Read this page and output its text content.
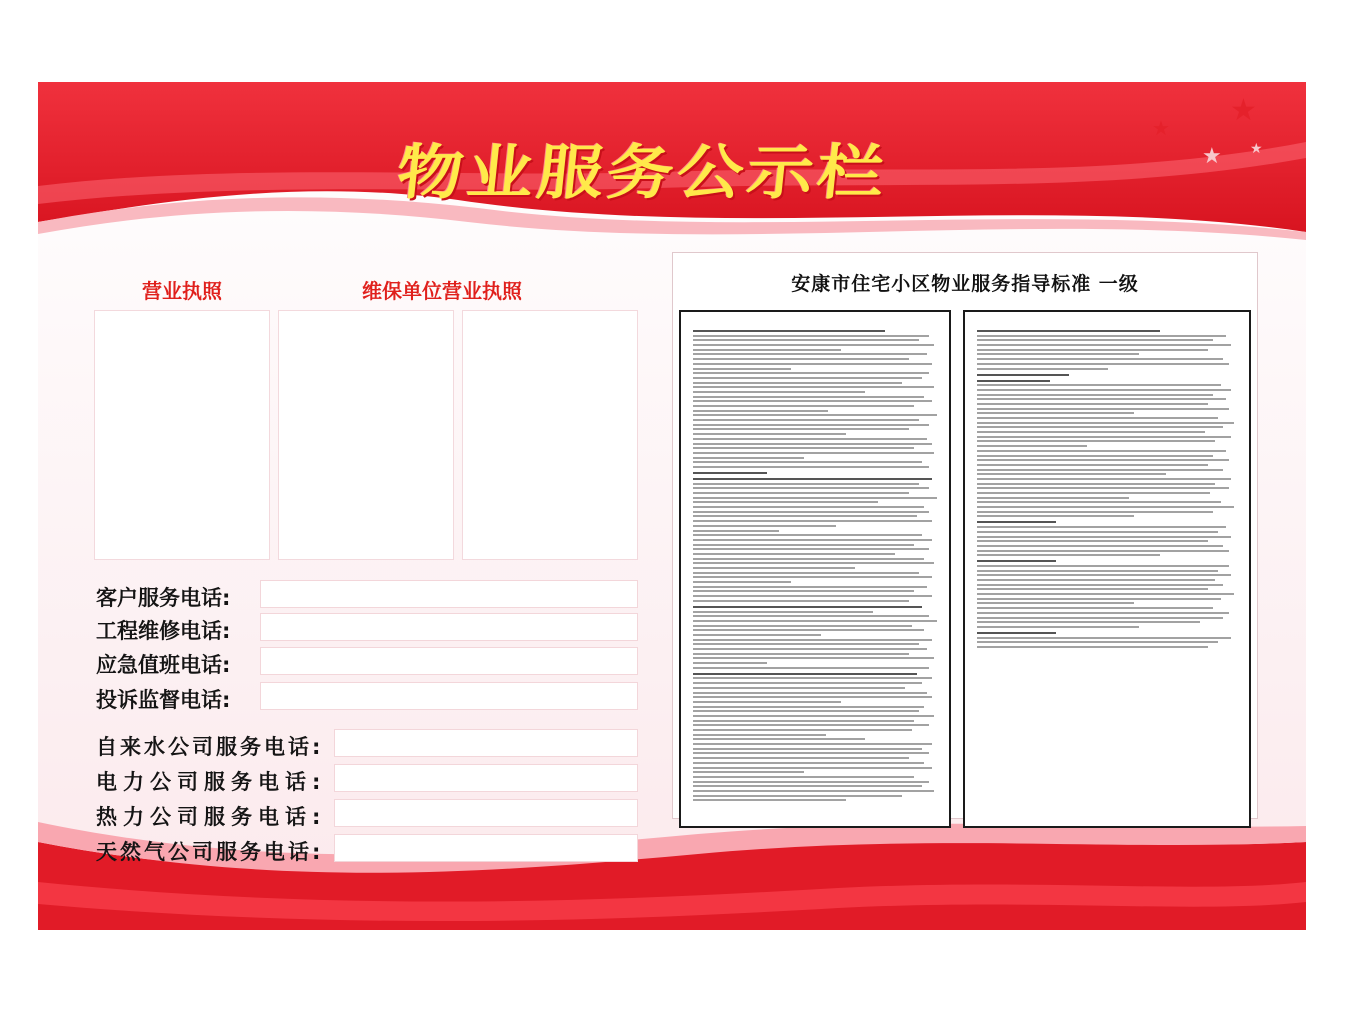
物业服务公示栏
★
★
★ ★
营业执照	维保单位营业执照
客户服务电话:
工程维修电话:
应急值班电话:
投诉监督电话:
自来水公司服务电话:
电力公司服务电话:
热力公司服务电话:
天然气公司服务电话:
安康市住宅小区物业服务指导标准 一级
